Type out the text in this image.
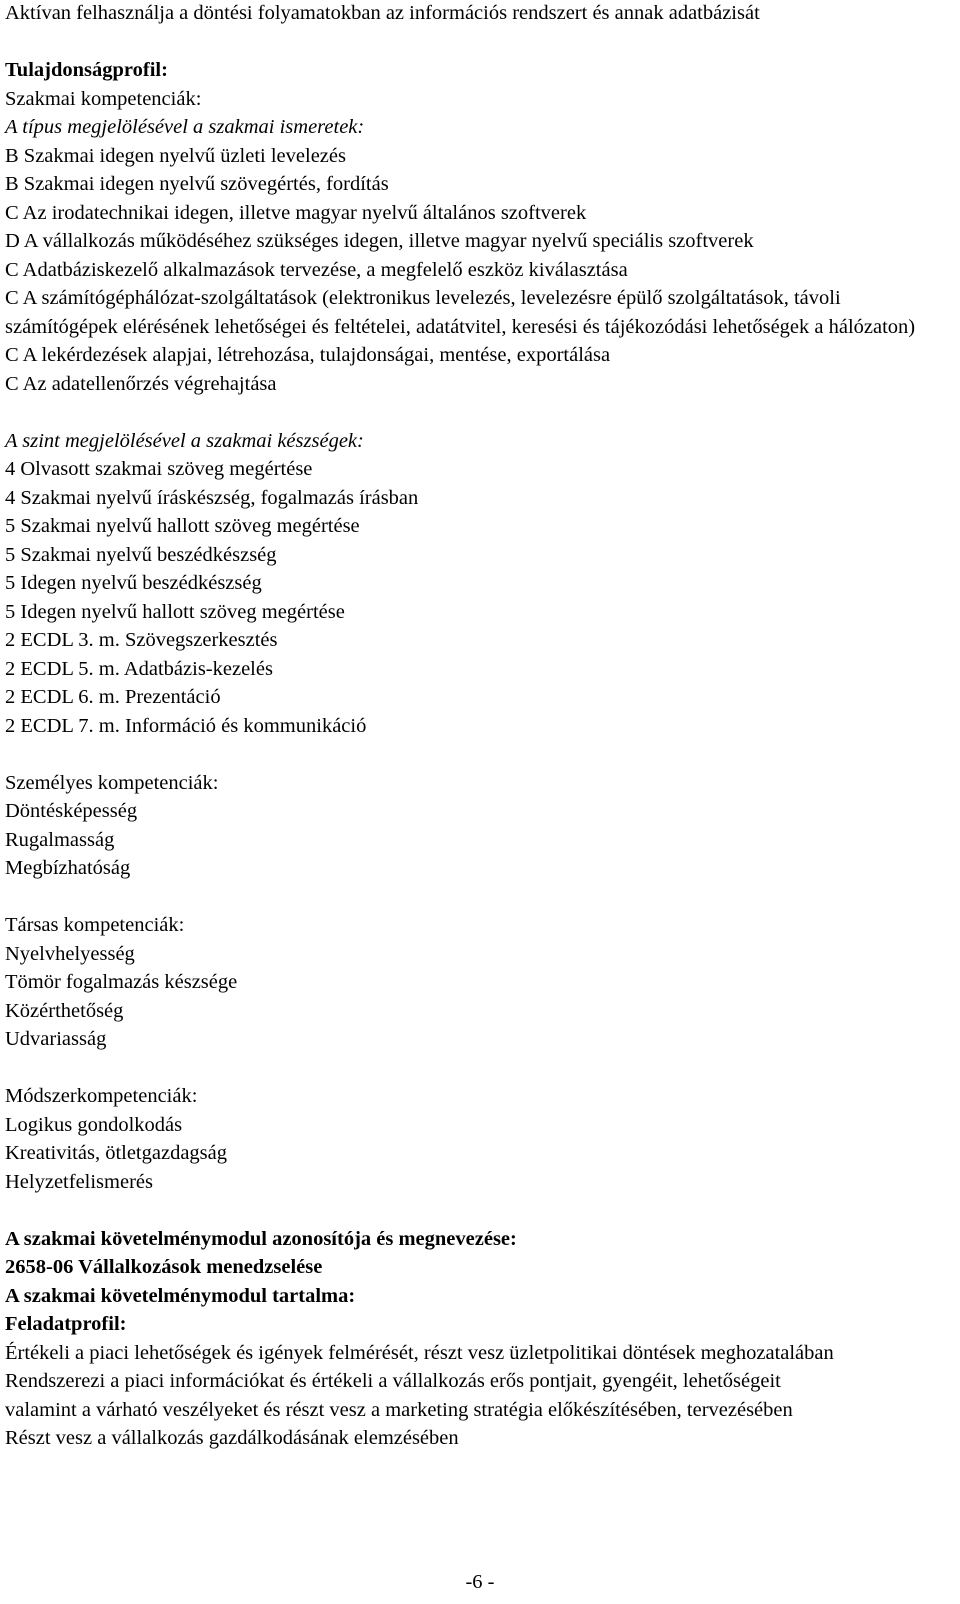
Aktívan felhasználja a döntési folyamatokban az információs rendszert és annak adatbázisát
Tulajdonságprofil:
Szakmai kompetenciák:
A típus megjelölésével a szakmai ismeretek:
B Szakmai idegen nyelvű üzleti levelezés
B Szakmai idegen nyelvű szövegértés, fordítás
C Az irodatechnikai idegen, illetve magyar nyelvű általános szoftverek
D A vállalkozás működéséhez szükséges idegen, illetve magyar nyelvű speciális szoftverek
C Adatbáziskezelő alkalmazások tervezése, a megfelelő eszköz kiválasztása
C A számítógéphálózat-szolgáltatások (elektronikus levelezés, levelezésre épülő szolgáltatások, távoli számítógépek elérésének lehetőségei és feltételei, adatátvitel, keresési és tájékozódási lehetőségek a hálózaton)
C A lekérdezések alapjai, létrehozása, tulajdonságai, mentése, exportálása
C Az adatellenőrzés végrehajtása
A szint megjelölésével a szakmai készségek:
4 Olvasott szakmai szöveg megértése
4 Szakmai nyelvű íráskészség, fogalmazás írásban
5 Szakmai nyelvű hallott szöveg megértése
5 Szakmai nyelvű beszédkészség
5 Idegen nyelvű beszédkészség
5 Idegen nyelvű hallott szöveg megértése
2 ECDL 3. m. Szövegszerkesztés
2 ECDL 5. m. Adatbázis-kezelés
2 ECDL 6. m. Prezentáció
2 ECDL 7. m. Információ és kommunikáció
Személyes kompetenciák:
Döntésképesség
Rugalmasság
Megbízhatóság
Társas kompetenciák:
Nyelvhelyesség
Tömör fogalmazás készsége
Közérthetőség
Udvariasság
Módszerkompetenciák:
Logikus gondolkodás
Kreativitás, ötletgazdagság
Helyzetfelismerés
A szakmai követelménymodul azonosítója és megnevezése:
2658-06 Vállalkozások menedzselése
A szakmai követelménymodul tartalma:
Feladatprofil:
Értékeli a piaci lehetőségek és igények felmérését, részt vesz üzletpolitikai döntések meghozatalában
Rendszerezi a piaci információkat és értékeli a vállalkozás erős pontjait, gyengéit, lehetőségeit valamint a várható veszélyeket és részt vesz a marketing stratégia előkészítésében, tervezésében
Részt vesz a vállalkozás gazdálkodásának elemzésében
-6 -
